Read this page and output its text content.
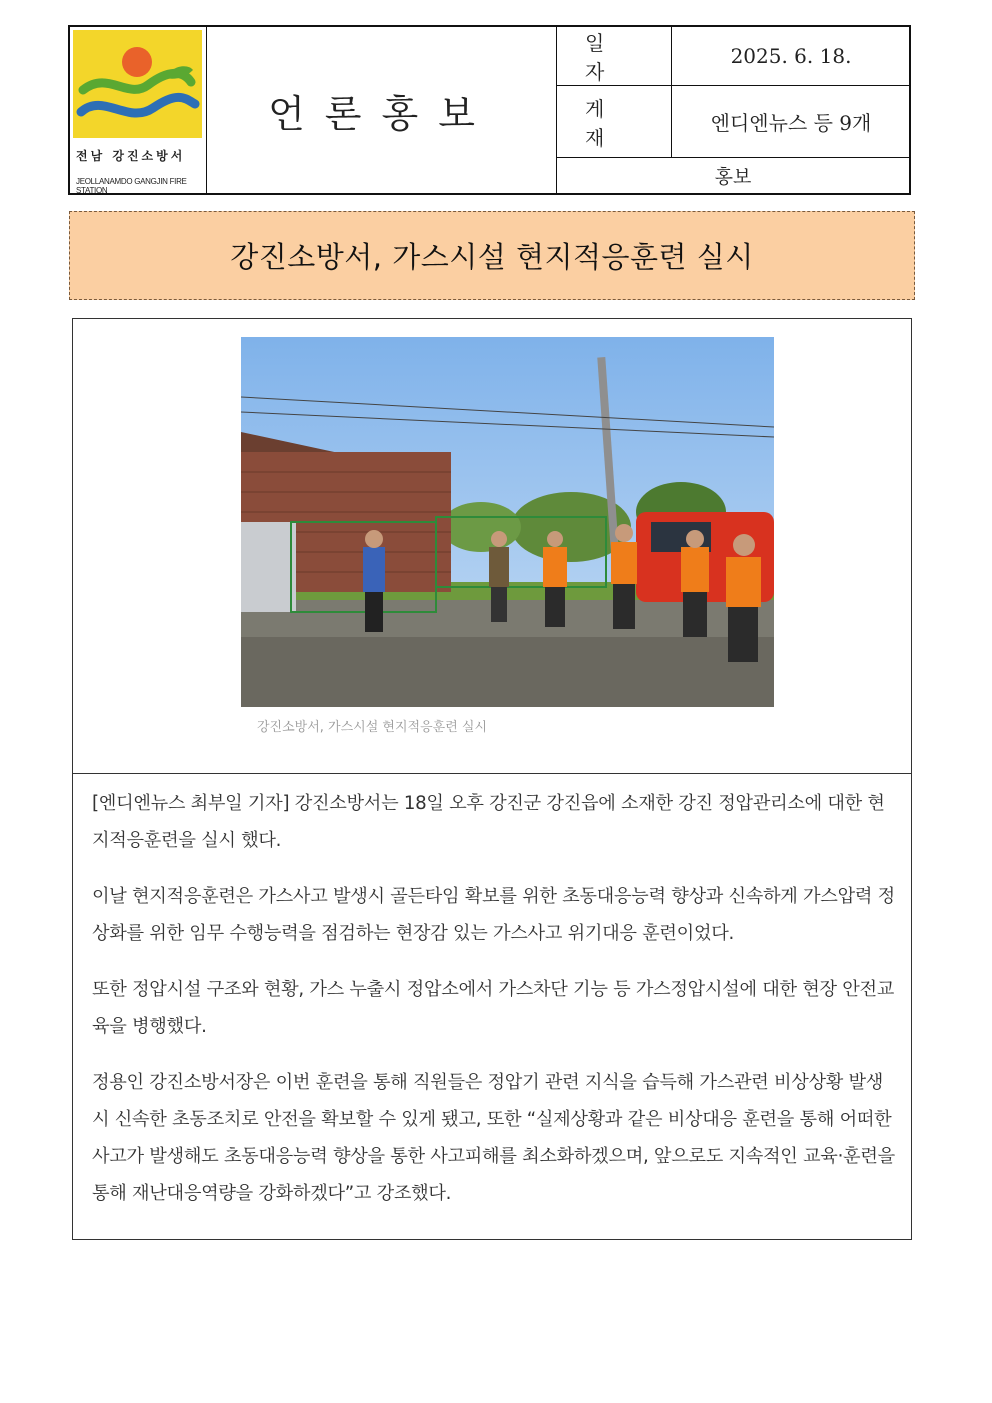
전남 강진소방서
JEOLLANAMDO GANGJIN FIRE STATION
언론홍보
일자
2025. 6. 18.
게재
엔디엔뉴스 등 9개
홍보
강진소방서, 가스시설 현지적응훈련 실시
강진소방서, 가스시설 현지적응훈련 실시

[엔디엔뉴스 최부일 기자] 강진소방서는 18일 오후 강진군 강진읍에 소재한 강진 정압관리소에 대한 현지적응훈련을 실시 했다.

이날 현지적응훈련은 가스사고 발생시 골든타임 확보를 위한 초동대응능력 향상과 신속하게 가스압력 정상화를 위한 임무 수행능력을 점검하는 현장감 있는 가스사고 위기대응 훈련이었다.

또한 정압시설 구조와 현황, 가스 누출시 정압소에서 가스차단 기능 등 가스정압시설에 대한 현장 안전교육을 병행했다.

정용인 강진소방서장은 이번 훈련을 통해 직원들은 정압기 관련 지식을 습득해 가스관련 비상상황 발생 시 신속한 초동조치로 안전을 확보할 수 있게 됐고, 또한 “실제상황과 같은 비상대응 훈련을 통해 어떠한 사고가 발생해도 초동대응능력 향상을 통한 사고피해를 최소화하겠으며, 앞으로도 지속적인 교육·훈련을 통해 재난대응역량을 강화하겠다”고 강조했다.
